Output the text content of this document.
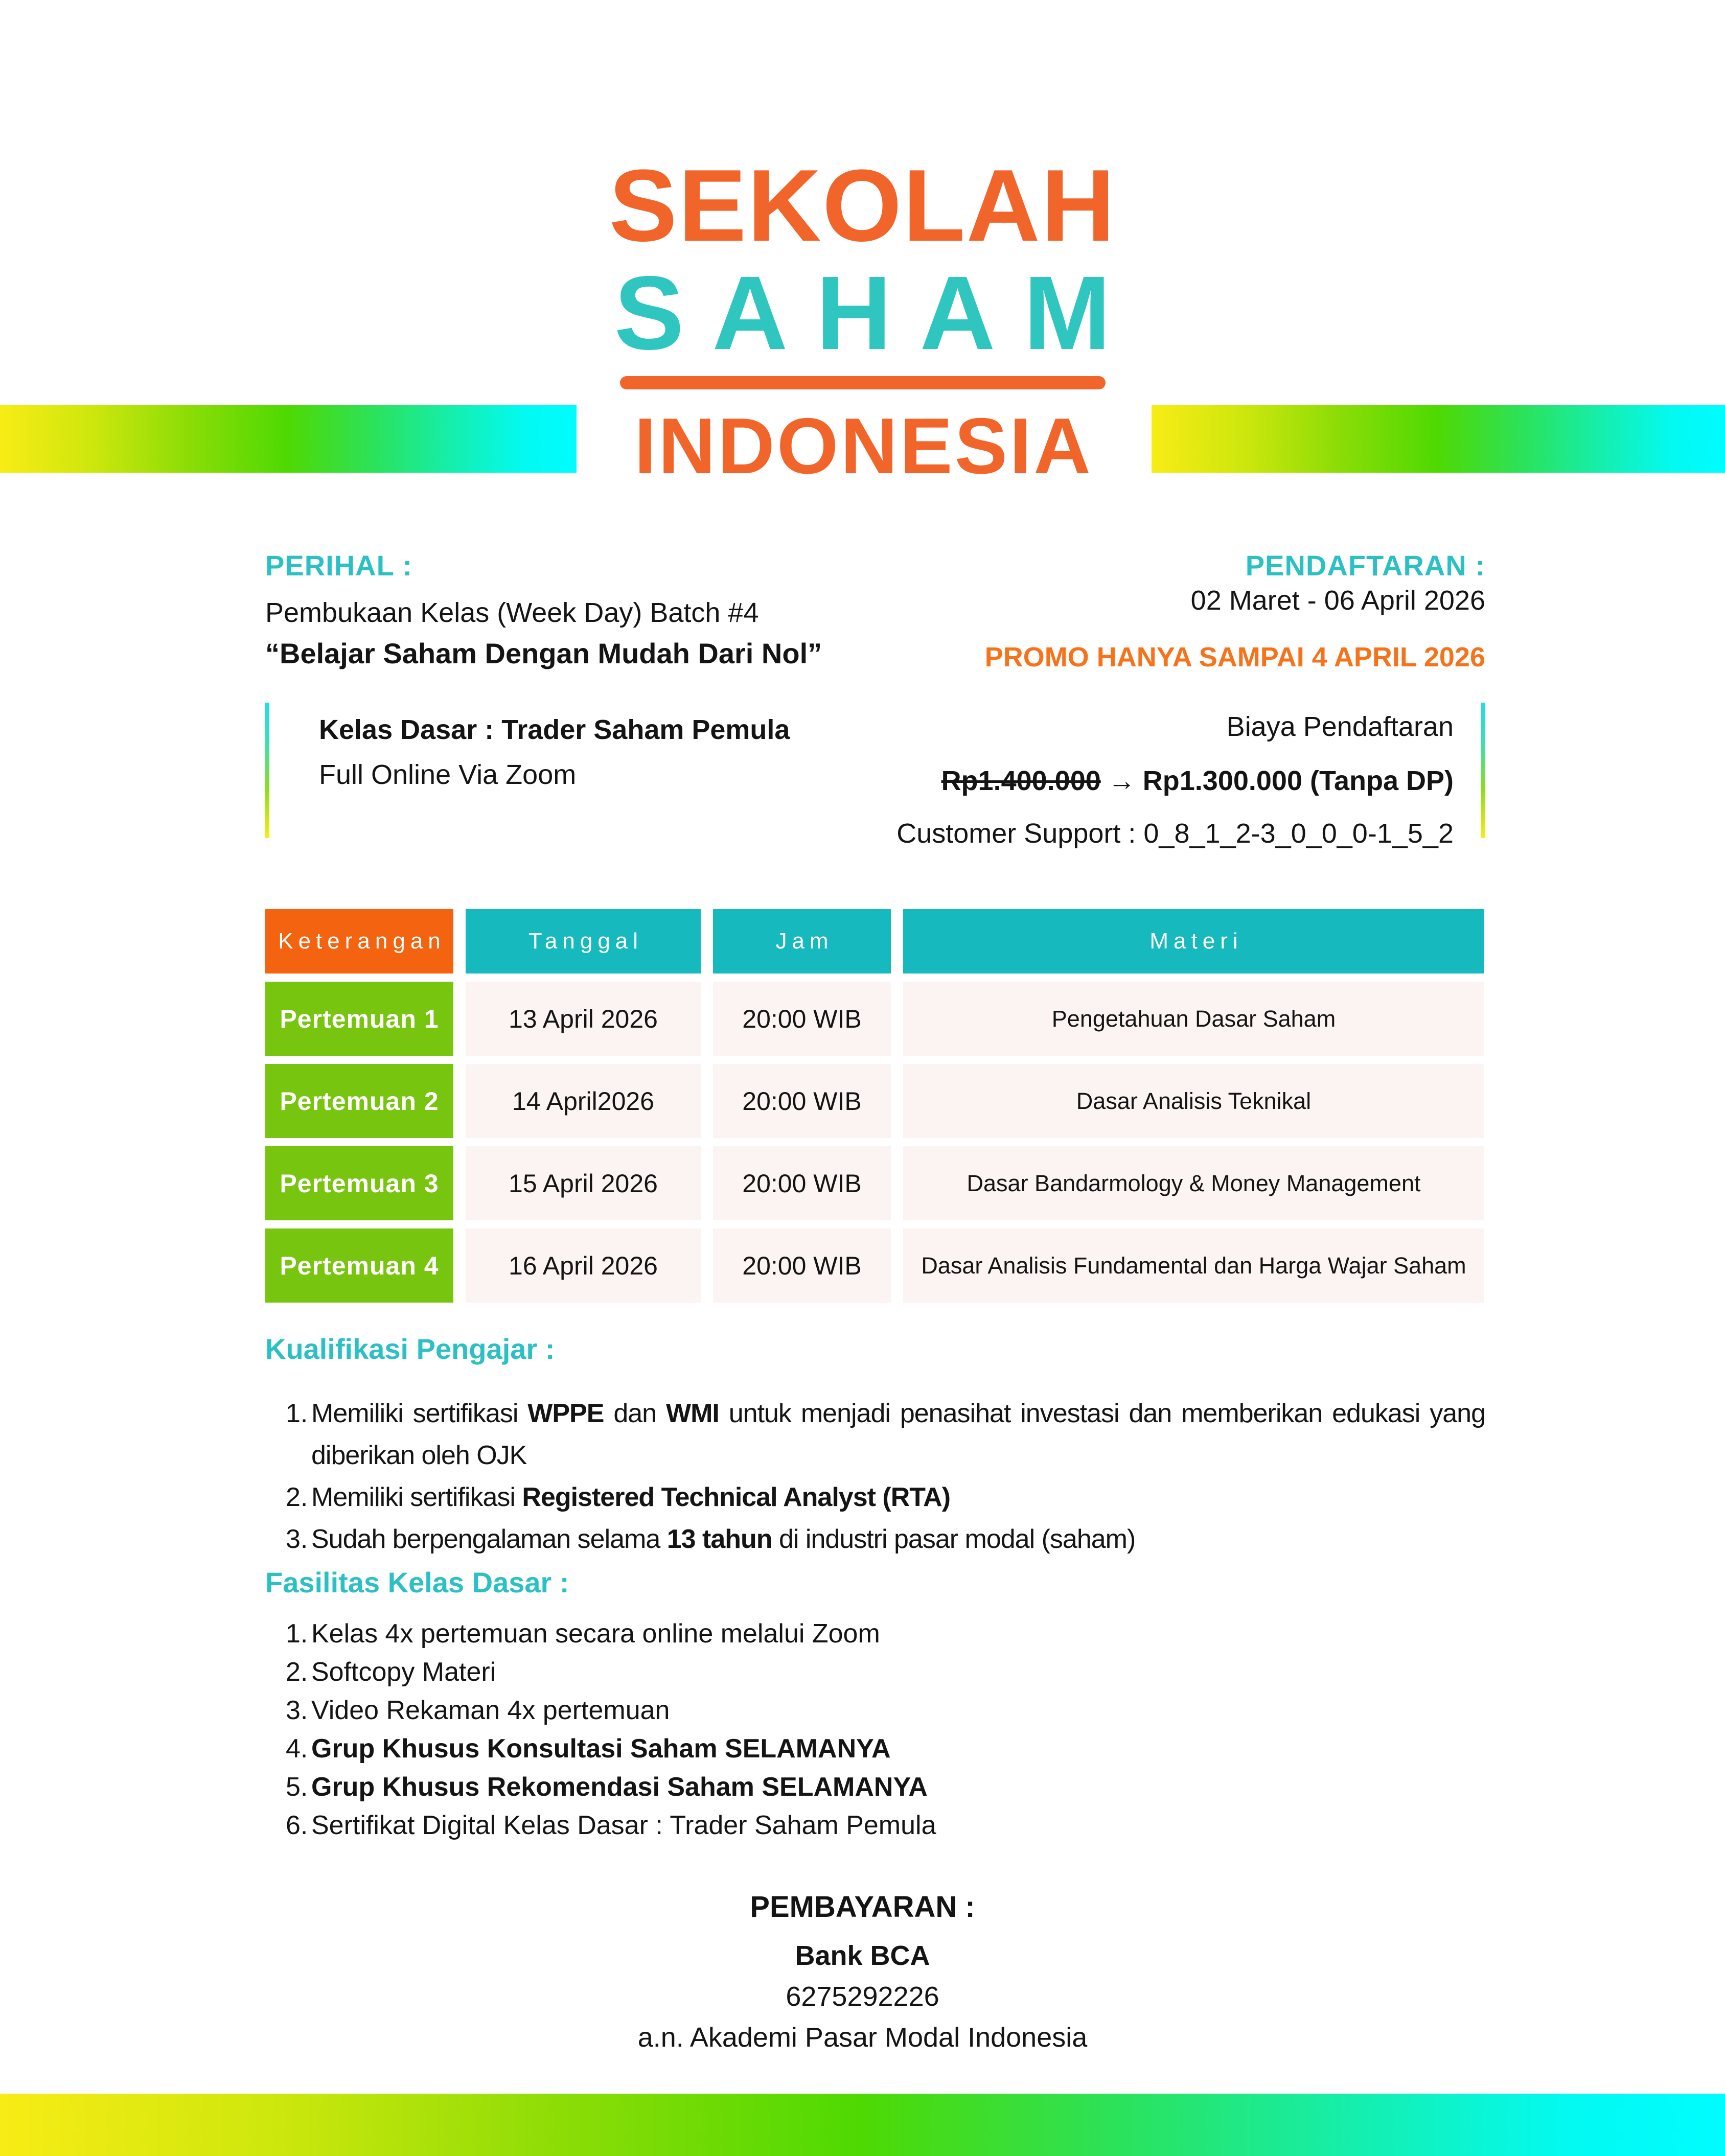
SEKOLAH
SAHAM
INDONESIA
PERIHAL :
Pembukaan Kelas (Week Day) Batch #4
“Belajar Saham Dengan Mudah Dari Nol”
PENDAFTARAN :
02 Maret - 06 April 2026
PROMO HANYA SAMPAI 4 APRIL 2026
Kelas Dasar : Trader Saham Pemula
Full Online Via Zoom
Biaya Pendaftaran
Rp1.400.000 → Rp1.300.000 (Tanpa DP)
Customer Support : 0_8_1_2-3_0_0_0-1_5_2
Keterangan	Tanggal	Jam	Materi
Pertemuan 1	13 April 2026	20:00 WIB	Pengetahuan Dasar Saham
Pertemuan 2	14 April2026	20:00 WIB	Dasar Analisis Teknikal
Pertemuan 3	15 April 2026	20:00 WIB	Dasar Bandarmology & Money Management
Pertemuan 4	16 April 2026	20:00 WIB	Dasar Analisis Fundamental dan Harga Wajar Saham
Kualifikasi Pengajar :
1. Memiliki sertifikasi WPPE dan WMI untuk menjadi penasihat investasi dan memberikan edukasi yang diberikan oleh OJK
2. Memiliki sertifikasi Registered Technical Analyst (RTA)
3. Sudah berpengalaman selama 13 tahun di industri pasar modal (saham)
Fasilitas Kelas Dasar :
1. Kelas 4x pertemuan secara online melalui Zoom
2. Softcopy Materi
3. Video Rekaman 4x pertemuan
4. Grup Khusus Konsultasi Saham SELAMANYA
5. Grup Khusus Rekomendasi Saham SELAMANYA
6. Sertifikat Digital Kelas Dasar : Trader Saham Pemula
PEMBAYARAN :
Bank BCA
6275292226
a.n. Akademi Pasar Modal Indonesia
